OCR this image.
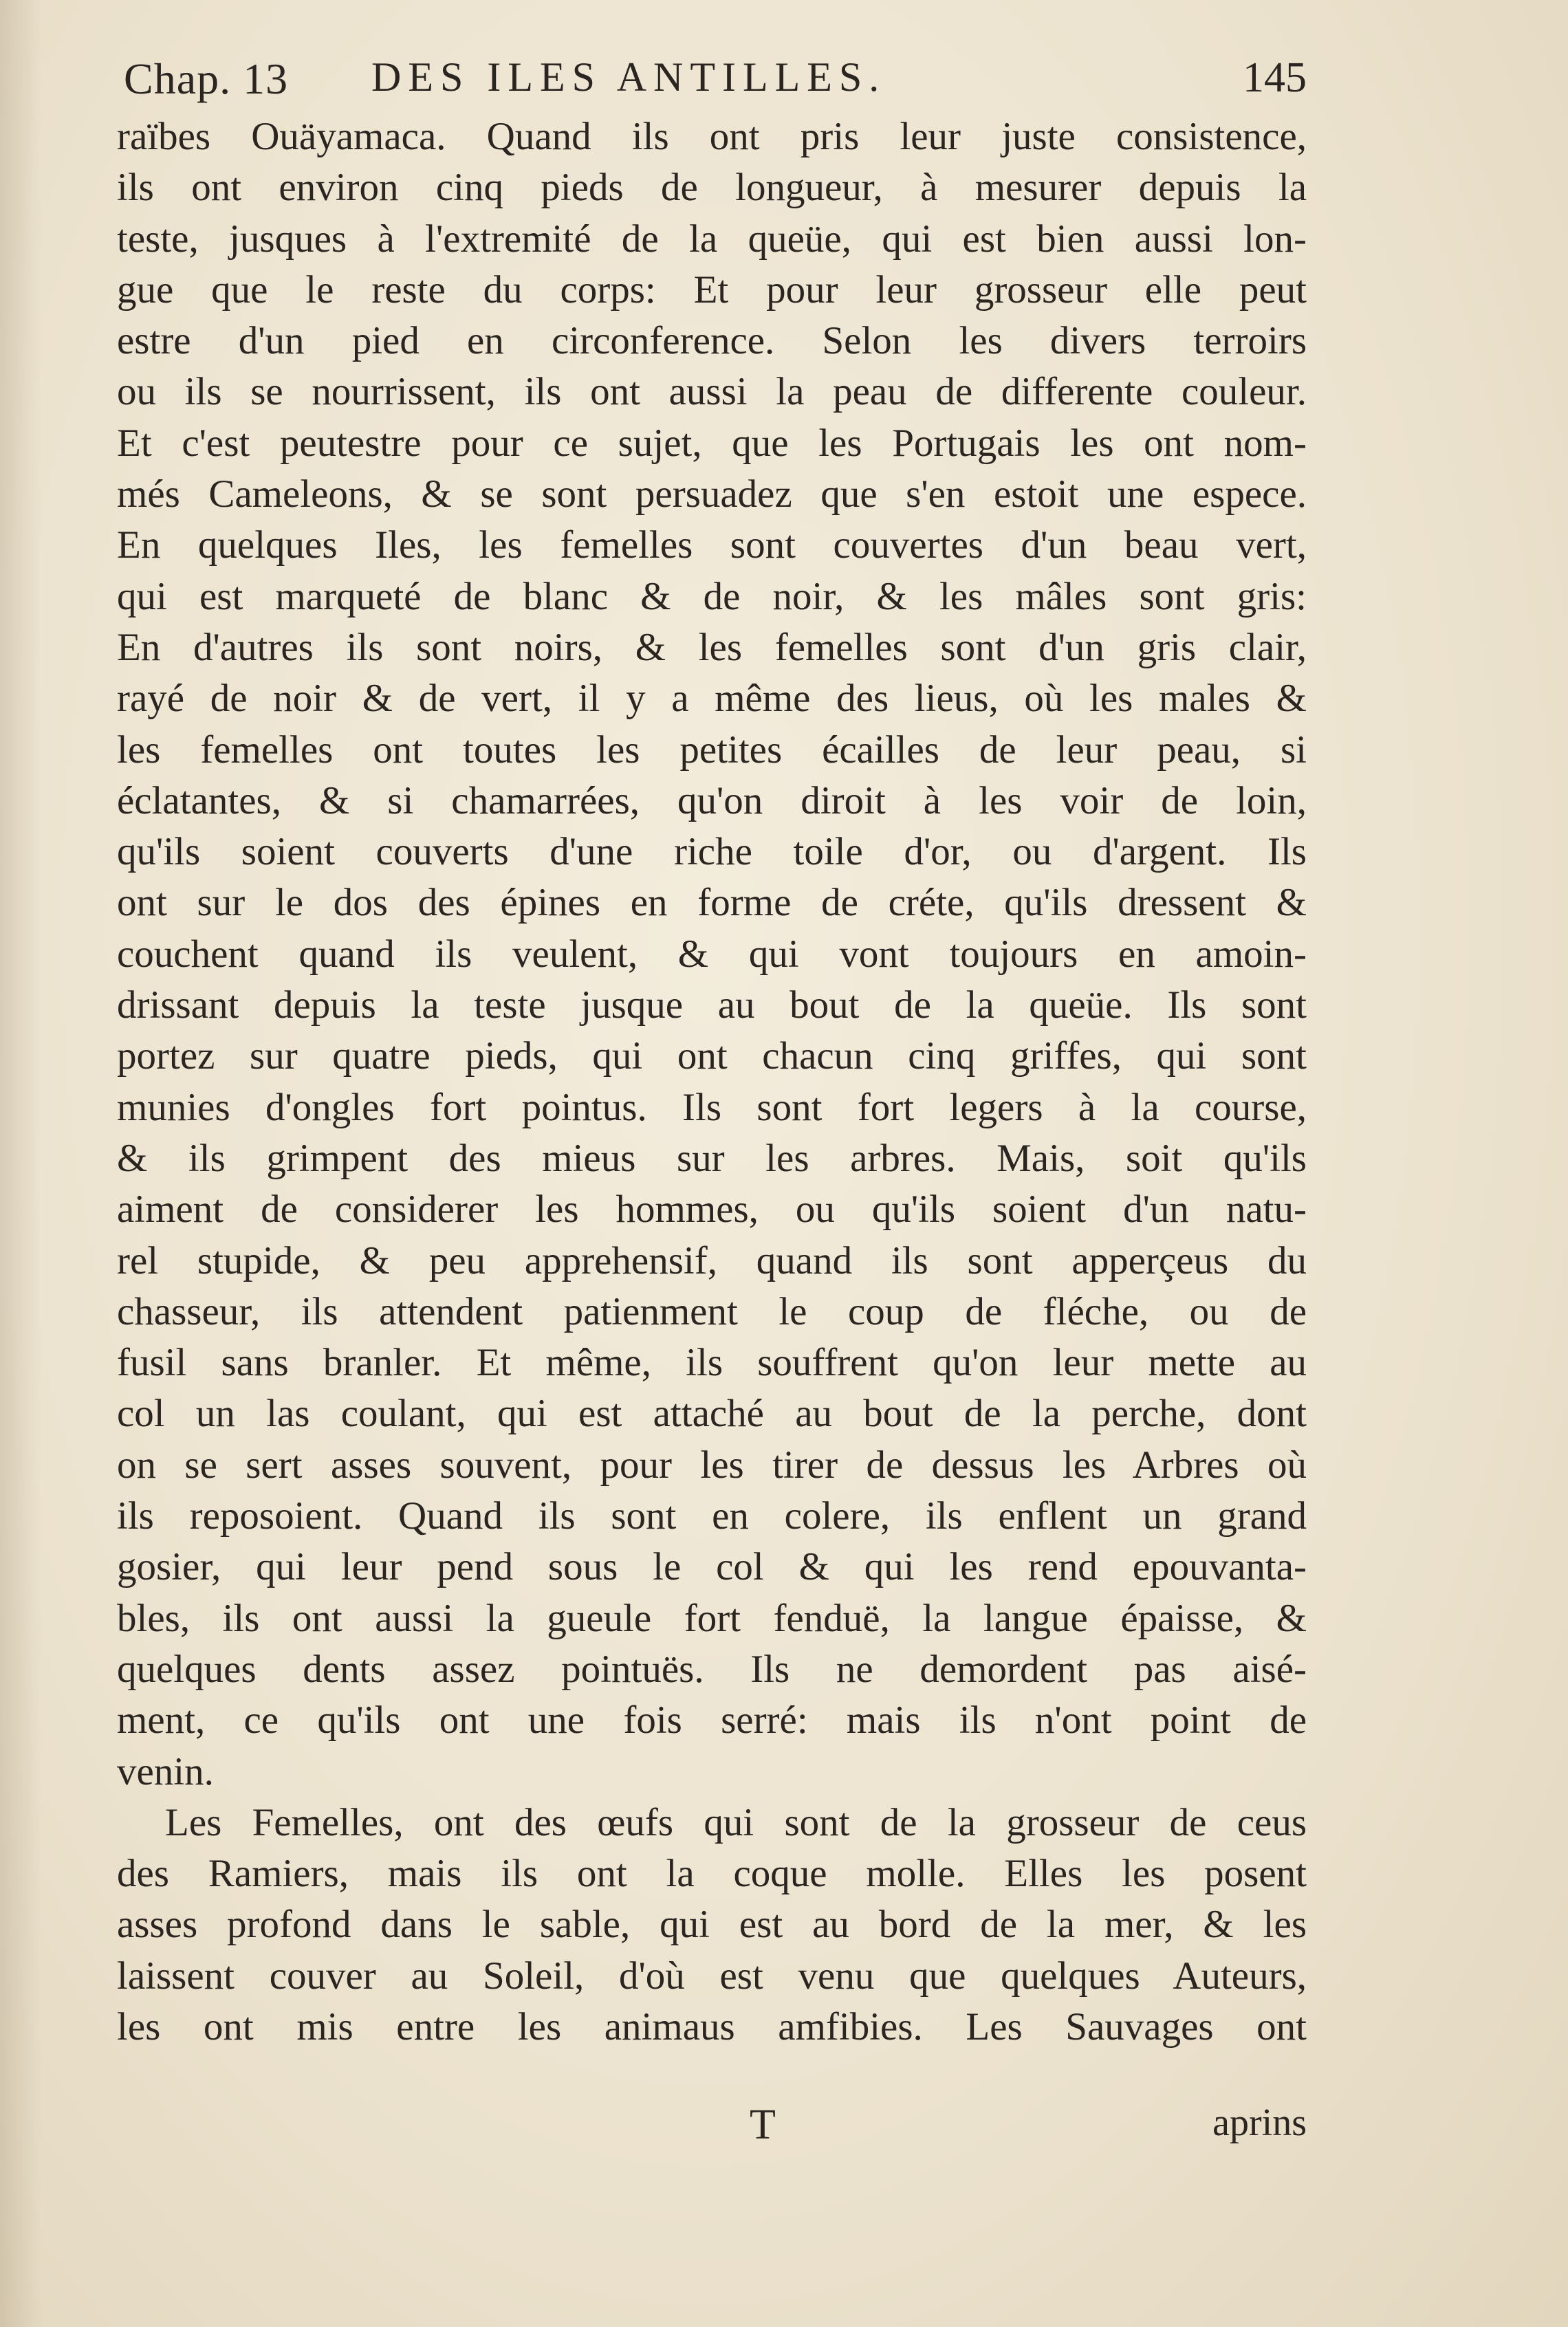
Chap. 13 DES ILES ANTILLES.	145
raïbes Ouäyamaca. Quand ils ont pris leur juste consistence,
ils ont environ cinq pieds de longueur, à mesurer depuis la
teste, jusques à l'extremité de la queüe, qui est bien aussi lon-
gue que le reste du corps: Et pour leur grosseur elle peut
estre d'un pied en circonference. Selon les divers terroirs
ou ils se nourrissent, ils ont aussi la peau de differente couleur.
Et c'est peutestre pour ce sujet, que les Portugais les ont nom-
més Cameleons, & se sont persuadez que s'en estoit une espece.
En quelques Iles, les femelles sont couvertes d'un beau vert,
qui est marqueté de blanc & de noir, & les mâles sont gris:
En d'autres ils sont noirs, & les femelles sont d'un gris clair,
rayé de noir & de vert, il y a même des lieus, où les males &
les femelles ont toutes les petites écailles de leur peau, si
éclatantes, & si chamarrées, qu'on diroit à les voir de loin,
qu'ils soient couverts d'une riche toile d'or, ou d'argent. Ils
ont sur le dos des épines en forme de créte, qu'ils dressent &
couchent quand ils veulent, & qui vont toujours en amoin-
drissant depuis la teste jusque au bout de la queüe. Ils sont
portez sur quatre pieds, qui ont chacun cinq griffes, qui sont
munies d'ongles fort pointus. Ils sont fort legers à la course,
& ils grimpent des mieus sur les arbres. Mais, soit qu'ils
aiment de considerer les hommes, ou qu'ils soient d'un natu-
rel stupide, & peu apprehensif, quand ils sont apperçeus du
chasseur, ils attendent patienment le coup de fléche, ou de
fusil sans branler. Et même, ils souffrent qu'on leur mette au
col un las coulant, qui est attaché au bout de la perche, dont
on se sert asses souvent, pour les tirer de dessus les Arbres où
ils reposoient. Quand ils sont en colere, ils enflent un grand
gosier, qui leur pend sous le col & qui les rend epouvanta-
bles, ils ont aussi la gueule fort fenduë, la langue épaisse, &
quelques dents assez pointuës. Ils ne demordent pas aisé-
ment, ce qu'ils ont une fois serré: mais ils n'ont point de
venin.
Les Femelles, ont des œufs qui sont de la grosseur de ceus
des Ramiers, mais ils ont la coque molle. Elles les posent
asses profond dans le sable, qui est au bord de la mer, & les
laissent couver au Soleil, d'où est venu que quelques Auteurs,
les ont mis entre les animaus amfibies. Les Sauvages ont
T	aprins
